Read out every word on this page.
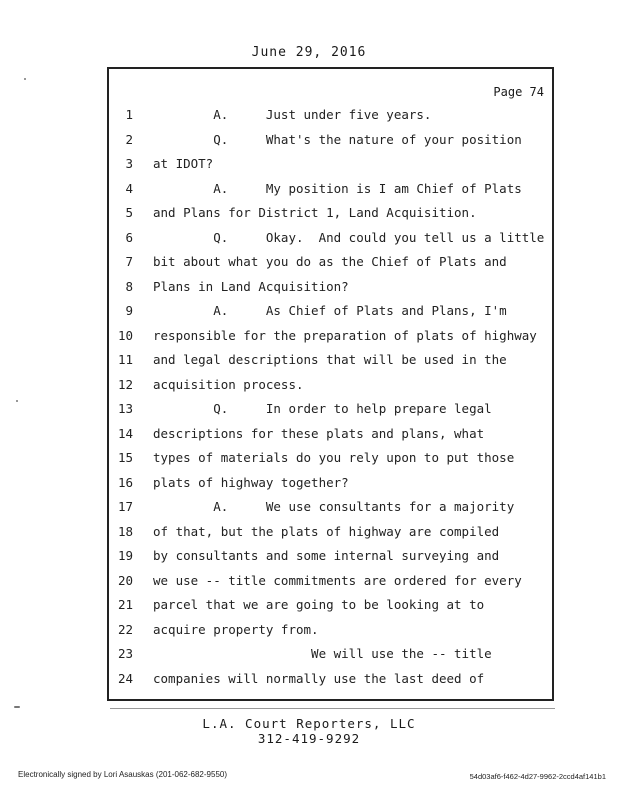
June 29, 2016
Page 74
1 A.     Just under five years.
2 Q.     What's the nature of your position
3 at IDOT?
4 A.     My position is I am Chief of Plats
5 and Plans for District 1, Land Acquisition.
6 Q.     Okay.  And could you tell us a little
7 bit about what you do as the Chief of Plats and
8 Plans in Land Acquisition?
9 A.     As Chief of Plats and Plans, I'm
10 responsible for the preparation of plats of highway
11 and legal descriptions that will be used in the
12 acquisition process.
13 Q.     In order to help prepare legal
14 descriptions for these plats and plans, what
15 types of materials do you rely upon to put those
16 plats of highway together?
17 A.     We use consultants for a majority
18 of that, but the plats of highway are compiled
19 by consultants and some internal surveying and
20 we use -- title commitments are ordered for every
21 parcel that we are going to be looking at to
22 acquire property from.
23 We will use the -- title
24 companies will normally use the last deed of
L.A. Court Reporters, LLC
312-419-9292
Electronically signed by Lori Asauskas (201-062-682-9550)	54d03af6-f462-4d27-9962-2ccd4af141b1
